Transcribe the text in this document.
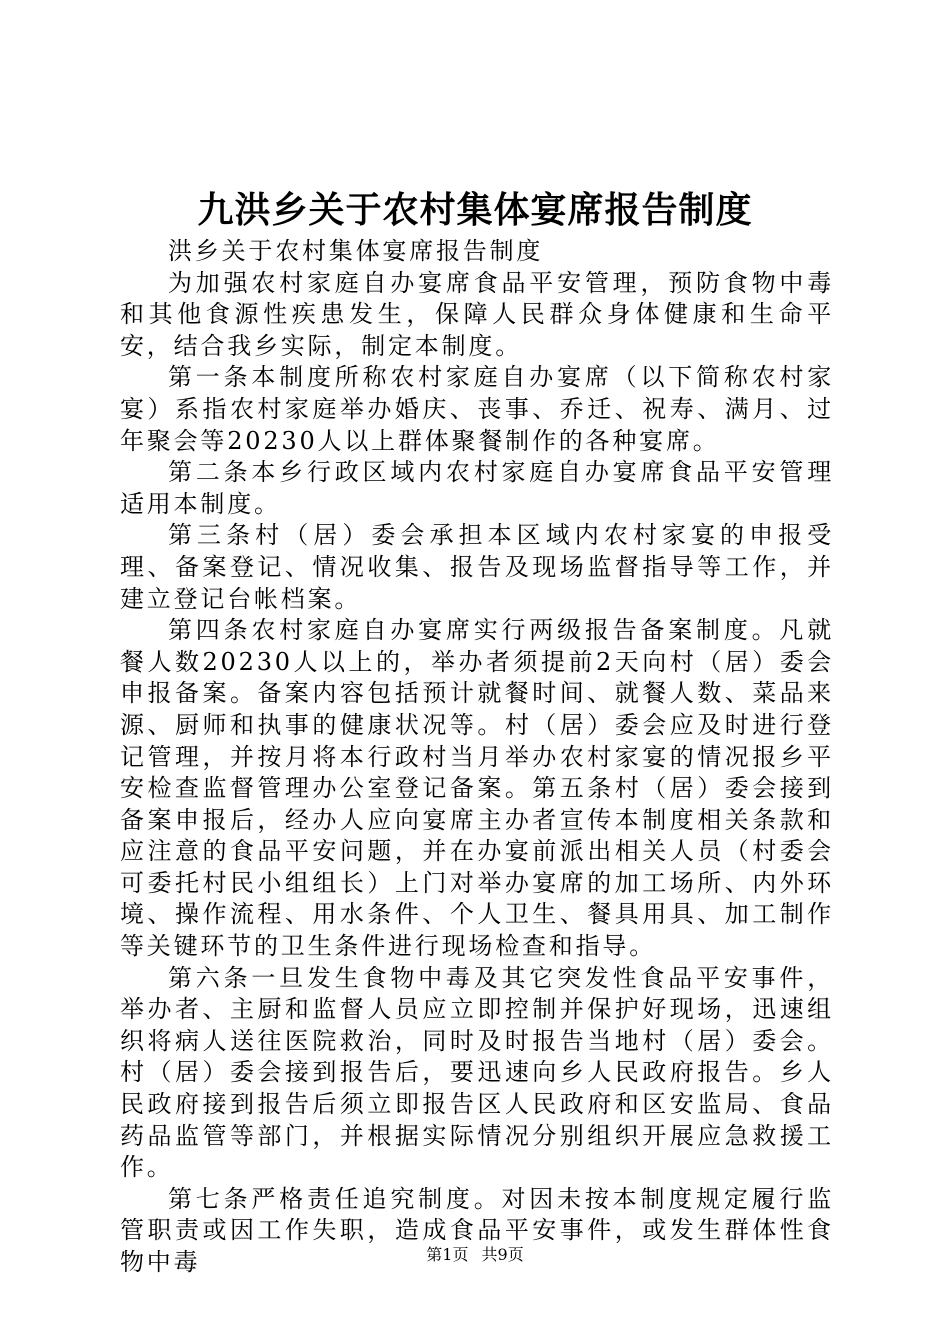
九洪乡关于农村集体宴席报告制度

洪乡关于农村集体宴席报告制度

为加强农村家庭自办宴席食品平安管理，预防食物中毒和其他食源性疾患发生，保障人民群众身体健康和生命平安，结合我乡实际，制定本制度。

第一条本制度所称农村家庭自办宴席（以下简称农村家宴）系指农村家庭举办婚庆、丧事、乔迁、祝寿、满月、过年聚会等20230人以上群体聚餐制作的各种宴席。

第二条本乡行政区域内农村家庭自办宴席食品平安管理适用本制度。

第三条村（居）委会承担本区域内农村家宴的申报受理、备案登记、情况收集、报告及现场监督指导等工作，并建立登记台帐档案。

第四条农村家庭自办宴席实行两级报告备案制度。凡就餐人数20230人以上的，举办者须提前2天向村（居）委会申报备案。备案内容包括预计就餐时间、就餐人数、菜品来源、厨师和执事的健康状况等。村（居）委会应及时进行登记管理，并按月将本行政村当月举办农村家宴的情况报乡平安检查监督管理办公室登记备案。第五条村（居）委会接到备案申报后，经办人应向宴席主办者宣传本制度相关条款和应注意的食品平安问题，并在办宴前派出相关人员（村委会可委托村民小组组长）上门对举办宴席的加工场所、内外环境、操作流程、用水条件、个人卫生、餐具用具、加工制作等关键环节的卫生条件进行现场检查和指导。

第六条一旦发生食物中毒及其它突发性食品平安事件，举办者、主厨和监督人员应立即控制并保护好现场，迅速组织将病人送往医院救治，同时及时报告当地村（居）委会。村（居）委会接到报告后，要迅速向乡人民政府报告。乡人民政府接到报告后须立即报告区人民政府和区安监局、食品药品监管等部门，并根据实际情况分别组织开展应急救援工作。

第七条严格责任追究制度。对因未按本制度规定履行监管职责或因工作失职，造成食品平安事件，或发生群体性食物中毒	第1页 共9页
